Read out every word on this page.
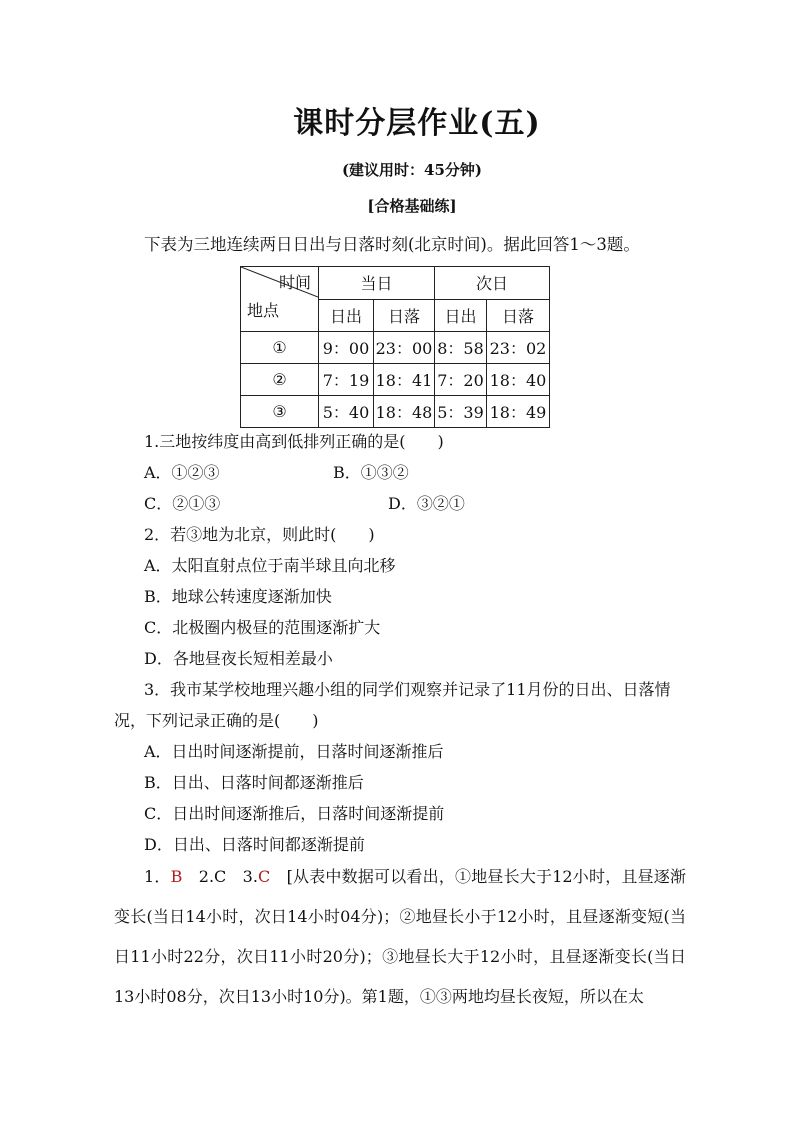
课时分层作业(五)
(建议用时：45分钟)
[合格基础练]
下表为三地连续两日日出与日落时刻(北京时间)。据此回答1～3题。
时间
地点	当日		次日	
	日出	日落	日出	日落
①	9：00	23：00	8：58	23：02
②	7：19	18：41	7：20	18：40
③	5：40	18：48	5：39	18：49
1.三地按纬度由高到低排列正确的是(　　)
A．①②③	B．①③②
C．②①③	D．③②①
2．若③地为北京，则此时(　　)
A．太阳直射点位于南半球且向北移
B．地球公转速度逐渐加快
C．北极圈内极昼的范围逐渐扩大
D．各地昼夜长短相差最小
3．我市某学校地理兴趣小组的同学们观察并记录了11月份的日出、日落情
况，下列记录正确的是(　　)
A．日出时间逐渐提前，日落时间逐渐推后
B．日出、日落时间都逐渐推后
C．日出时间逐渐推后，日落时间逐渐提前
D．日出、日落时间都逐渐提前
1．B　2.C　3.C　[从表中数据可以看出，①地昼长大于12小时，且昼逐渐变长(当日14小时，次日14小时04分)；②地昼长小于12小时，且昼逐渐变短(当日11小时22分，次日11小时20分)；③地昼长大于12小时，且昼逐渐变长(当日13小时08分，次日13小时10分)。第1题，①③两地均昼长夜短，所以在太
